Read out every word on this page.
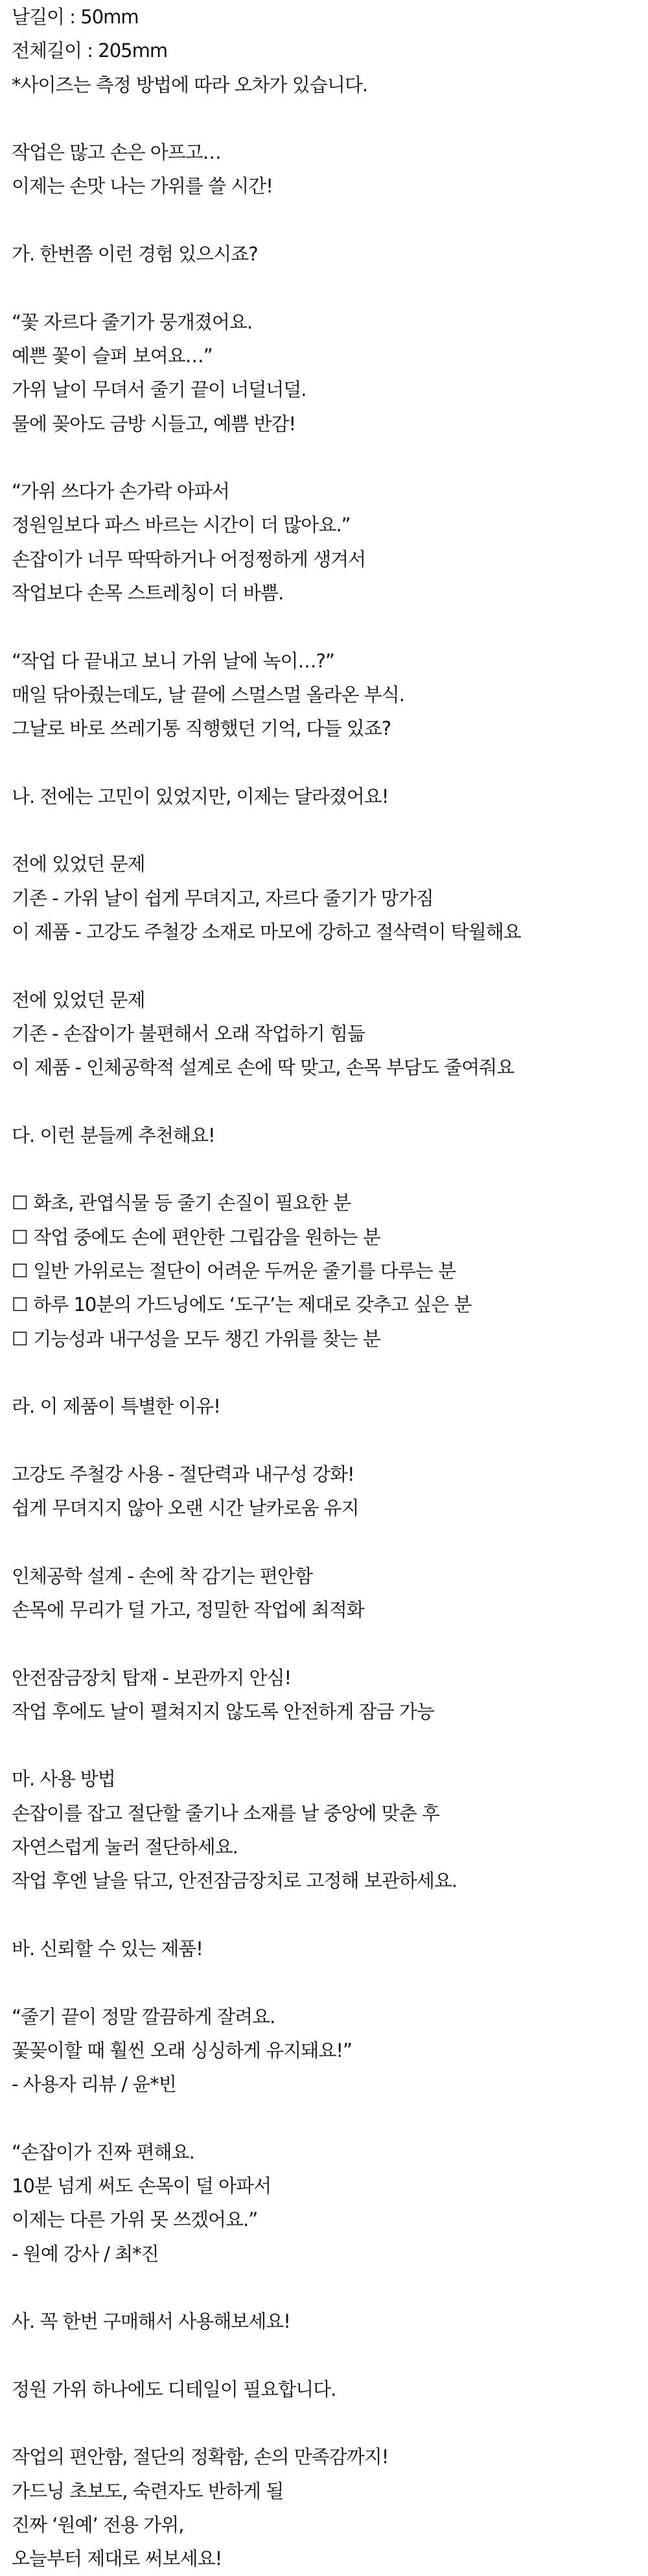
날길이 : 50mm
전체길이 : 205mm
*사이즈는 측정 방법에 따라 오차가 있습니다.
작업은 많고 손은 아프고…
이제는 손맛 나는 가위를 쓸 시간!
가. 한번쯤 이런 경험 있으시죠?
“꽃 자르다 줄기가 뭉개졌어요.
예쁜 꽃이 슬퍼 보여요…”
가위 날이 무뎌서 줄기 끝이 너덜너덜.
물에 꽂아도 금방 시들고, 예쁨 반감!
“가위 쓰다가 손가락 아파서
정원일보다 파스 바르는 시간이 더 많아요.”
손잡이가 너무 딱딱하거나 어정쩡하게 생겨서
작업보다 손목 스트레칭이 더 바쁨.
“작업 다 끝내고 보니 가위 날에 녹이…?”
매일 닦아줬는데도, 날 끝에 스멀스멀 올라온 부식.
그날로 바로 쓰레기통 직행했던 기억, 다들 있죠?
나. 전에는 고민이 있었지만, 이제는 달라졌어요!
전에 있었던 문제
기존 - 가위 날이 쉽게 무뎌지고, 자르다 줄기가 망가짐
이 제품 - 고강도 주철강 소재로 마모에 강하고 절삭력이 탁월해요
전에 있었던 문제
기존 - 손잡이가 불편해서 오래 작업하기 힘듦
이 제품 - 인체공학적 설계로 손에 딱 맞고, 손목 부담도 줄여줘요
다. 이런 분들께 추천해요!
☐ 화초, 관엽식물 등 줄기 손질이 필요한 분
☐ 작업 중에도 손에 편안한 그립감을 원하는 분
☐ 일반 가위로는 절단이 어려운 두꺼운 줄기를 다루는 분
☐ 하루 10분의 가드닝에도 ‘도구’는 제대로 갖추고 싶은 분
☐ 기능성과 내구성을 모두 챙긴 가위를 찾는 분
라. 이 제품이 특별한 이유!
고강도 주철강 사용 - 절단력과 내구성 강화!
쉽게 무뎌지지 않아 오랜 시간 날카로움 유지
인체공학 설계 - 손에 착 감기는 편안함
손목에 무리가 덜 가고, 정밀한 작업에 최적화
안전잠금장치 탑재 - 보관까지 안심!
작업 후에도 날이 펼쳐지지 않도록 안전하게 잠금 가능
마. 사용 방법
손잡이를 잡고 절단할 줄기나 소재를 날 중앙에 맞춘 후
자연스럽게 눌러 절단하세요.
작업 후엔 날을 닦고, 안전잠금장치로 고정해 보관하세요.
바. 신뢰할 수 있는 제품!
“줄기 끝이 정말 깔끔하게 잘려요.
꽃꽂이할 때 훨씬 오래 싱싱하게 유지돼요!”
- 사용자 리뷰 / 윤*빈
“손잡이가 진짜 편해요.
10분 넘게 써도 손목이 덜 아파서
이제는 다른 가위 못 쓰겠어요.”
- 원예 강사 / 최*진
사. 꼭 한번 구매해서 사용해보세요!
정원 가위 하나에도 디테일이 필요합니다.
작업의 편안함, 절단의 정확함, 손의 만족감까지!
가드닝 초보도, 숙련자도 반하게 될
진짜 ‘원예’ 전용 가위,
오늘부터 제대로 써보세요!
